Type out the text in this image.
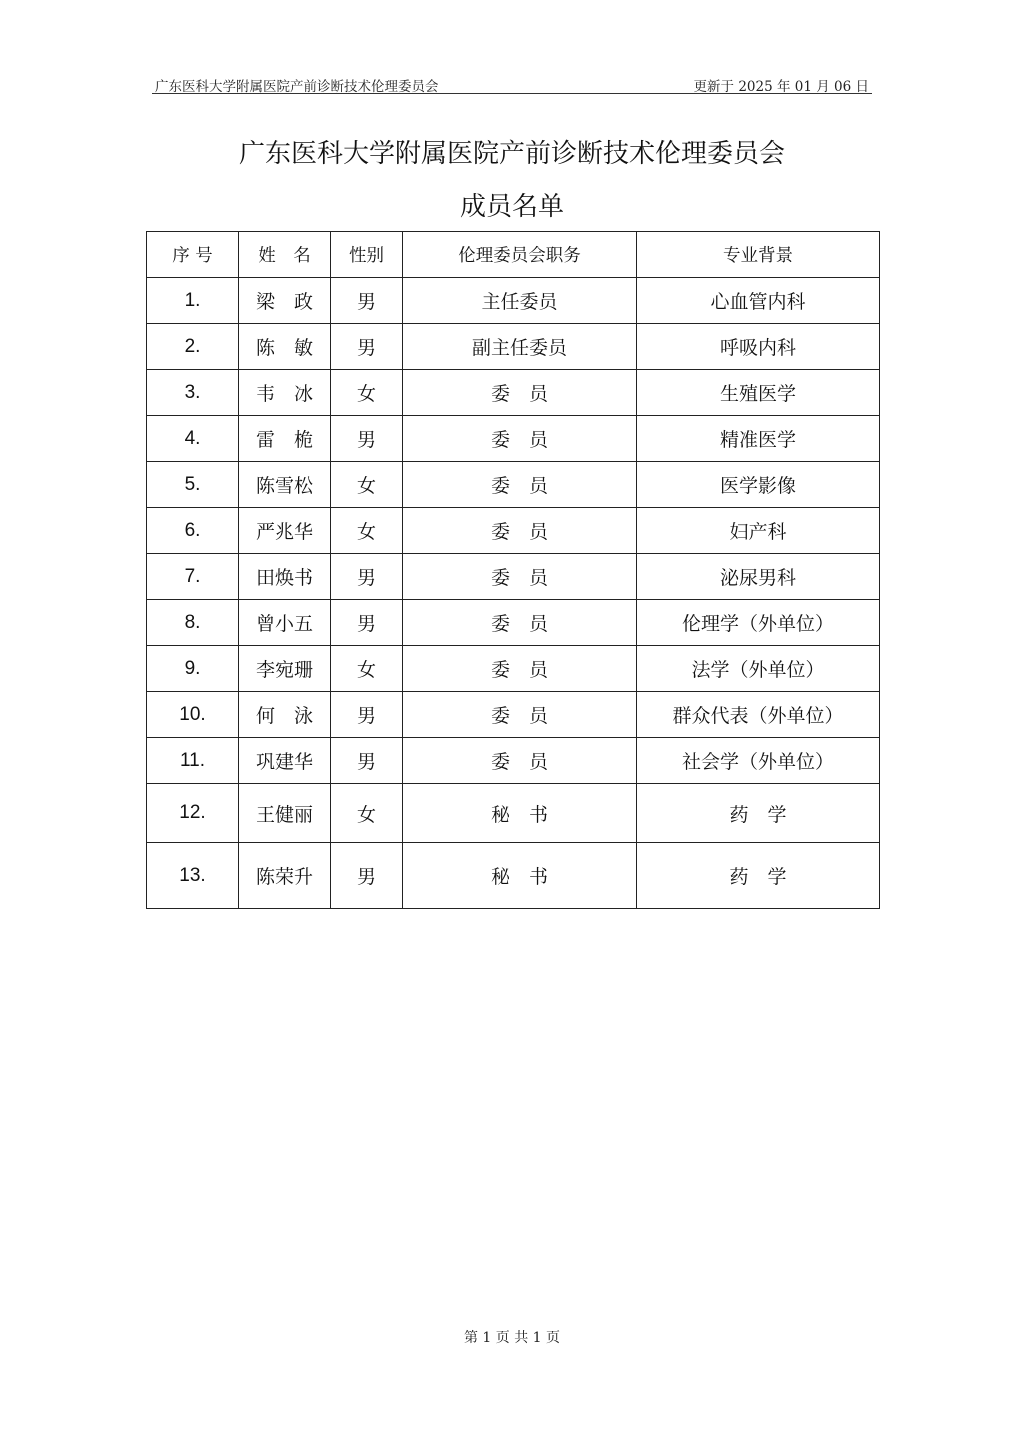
广东医科大学附属医院产前诊断技术伦理委员会	更新于 2025 年 01 月 06 日
广东医科大学附属医院产前诊断技术伦理委员会
成员名单
序 号	姓　名	性别	伦理委员会职务	专业背景
1.	梁　政	男	主任委员	心血管内科
2.	陈　敏	男	副主任委员	呼吸内科
3.	韦　冰	女	委　员	生殖医学
4.	雷　桅	男	委　员	精准医学
5.	陈雪松	女	委　员	医学影像
6.	严兆华	女	委　员	妇产科
7.	田焕书	男	委　员	泌尿男科
8.	曾小五	男	委　员	伦理学（外单位）
9.	李宛珊	女	委　员	法学（外单位）
10.	何　泳	男	委　员	群众代表（外单位）
11.	巩建华	男	委　员	社会学（外单位）
12.	王健丽	女	秘　书	药　学
13.	陈荣升	男	秘　书	药　学
第 1 页 共 1 页
